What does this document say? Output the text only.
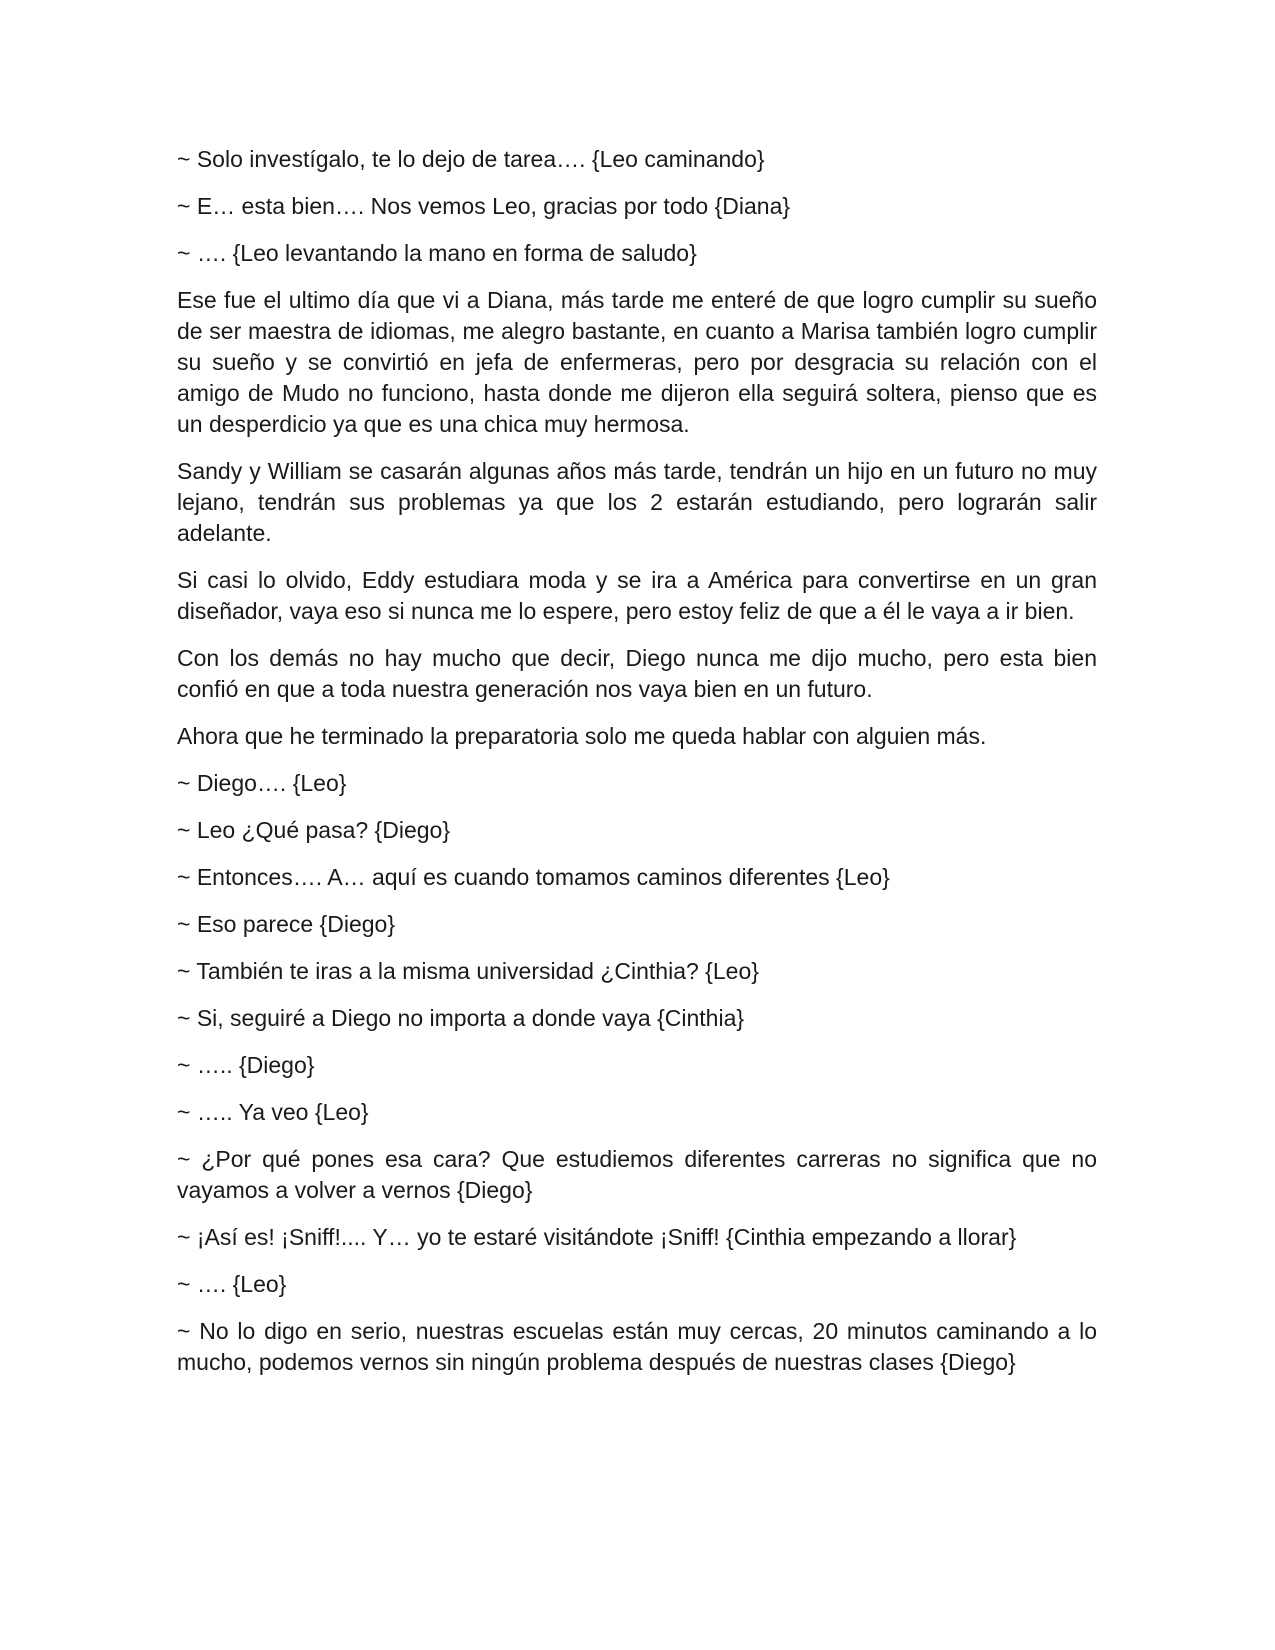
~ Solo investígalo, te lo dejo de tarea…. {Leo caminando}

~ E… esta bien…. Nos vemos Leo, gracias por todo {Diana}

~ …. {Leo levantando la mano en forma de saludo}

Ese fue el ultimo día que vi a Diana, más tarde me enteré de que logro cumplir su sueño de ser maestra de idiomas, me alegro bastante, en cuanto a Marisa también logro cumplir su sueño y se convirtió en jefa de enfermeras, pero por desgracia su relación con el amigo de Mudo no funciono, hasta donde me dijeron ella seguirá soltera, pienso que es un desperdicio ya que es una chica muy hermosa.

Sandy y William se casarán algunas años más tarde, tendrán un hijo en un futuro no muy lejano, tendrán sus problemas ya que los 2 estarán estudiando, pero lograrán salir adelante.

Si casi lo olvido, Eddy estudiara moda y se ira a América para convertirse en un gran diseñador, vaya eso si nunca me lo espere, pero estoy feliz de que a él le vaya a ir bien.

Con los demás no hay mucho que decir, Diego nunca me dijo mucho, pero esta bien confió en que a toda nuestra generación nos vaya bien en un futuro.

Ahora que he terminado la preparatoria solo me queda hablar con alguien más.

~ Diego…. {Leo}

~ Leo ¿Qué pasa? {Diego}

~ Entonces…. A… aquí es cuando tomamos caminos diferentes {Leo}

~ Eso parece {Diego}

~ También te iras a la misma universidad ¿Cinthia? {Leo}

~ Si, seguiré a Diego no importa a donde vaya {Cinthia}

~ ….. {Diego}

~ ….. Ya veo {Leo}

~ ¿Por qué pones esa cara? Que estudiemos diferentes carreras no significa que no vayamos a volver a vernos {Diego}

~ ¡Así es! ¡Sniff!.... Y… yo te estaré visitándote ¡Sniff! {Cinthia empezando a llorar}

~ …. {Leo}

~ No lo digo en serio, nuestras escuelas están muy cercas, 20 minutos caminando a lo mucho, podemos vernos sin ningún problema después de nuestras clases {Diego}
